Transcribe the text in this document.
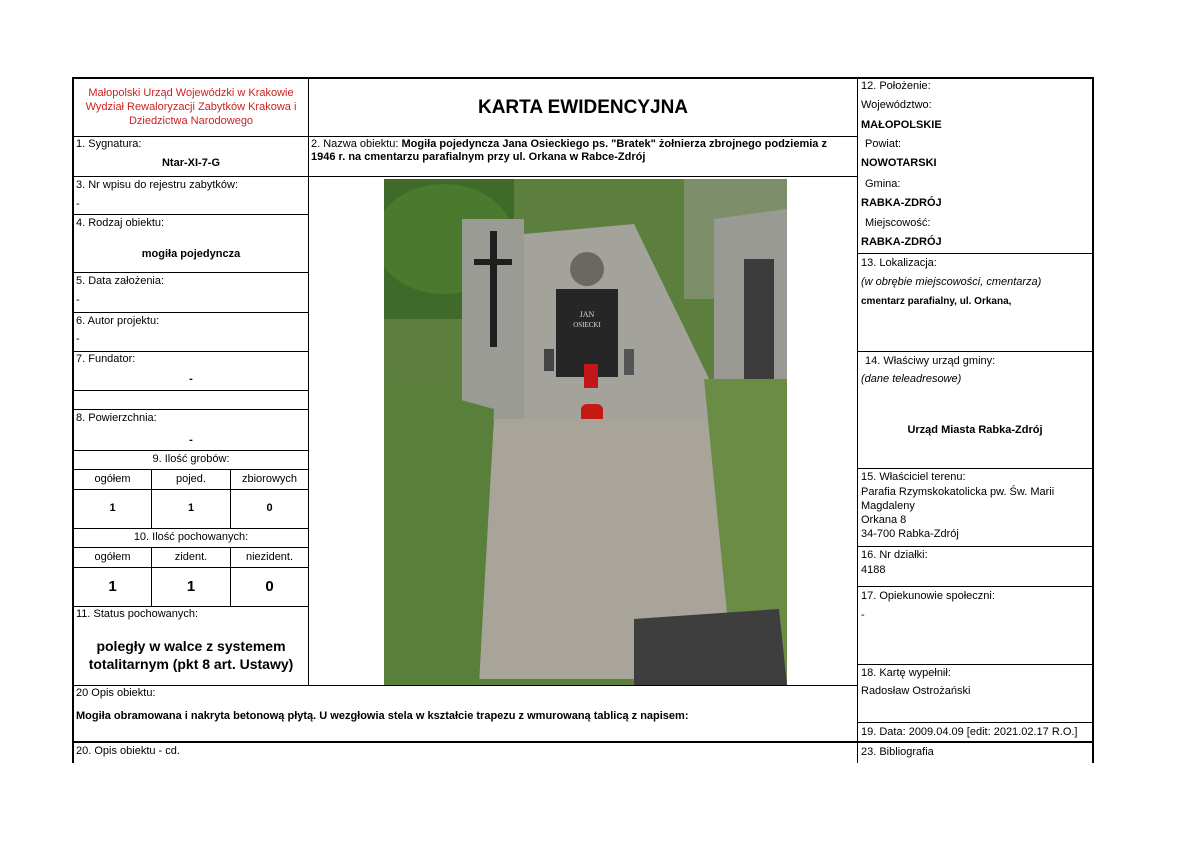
Małopolski Urząd Wojewódzki w Krakowie
Wydział Rewaloryzacji Zabytków Krakowa i
Dziedzictwa Narodowego
KARTA EWIDENCYJNA
1. Sygnatura:
Ntar-XI-7-G
3. Nr wpisu do rejestru zabytków:
-
4. Rodzaj obiektu:
mogiła pojedyncza
5. Data założenia:
-
6. Autor projektu:
-
7. Fundator:
-
8. Powierzchnia:
-
9. Ilość grobów:
ogółem	pojed.	zbiorowych
1	1	0
10. Ilość pochowanych:
ogółem	zident.	niezident.
1	1	0
11. Status pochowanych:
poległy w walce z systemem
totalitarnym (pkt 8 art. Ustawy)
2. Nazwa obiektu: Mogiła pojedyncza Jana Osieckiego ps. "Bratek" żołnierza zbrojnego podziemia z
1946 r. na cmentarzu parafialnym przy ul. Orkana w Rabce-Zdrój
JAN
OSIECKI
12. Położenie:
Województwo:
MAŁOPOLSKIE
Powiat:
NOWOTARSKI
Gmina:
RABKA-ZDRÓJ
Miejscowość:
RABKA-ZDRÓJ
13. Lokalizacja:
(w obrębie miejscowości, cmentarza)
cmentarz parafialny, ul. Orkana,
14. Właściwy urząd gminy:
(dane teleadresowe)
Urząd Miasta Rabka-Zdrój
15. Właściciel terenu:
Parafia Rzymskokatolicka pw. Św. Marii
Magdaleny
Orkana 8
34-700 Rabka-Zdrój
16. Nr działki:
4188
17. Opiekunowie społeczni:
-
18. Kartę wypełnił:
Radosław Ostrożański
19. Data: 2009.04.09 [edit: 2021.02.17 R.O.]
23. Bibliografia
20 Opis obiektu:
Mogiła obramowana i nakryta betonową płytą. U wezgłowia stela w kształcie trapezu z wmurowaną tablicą z napisem:
20. Opis obiektu - cd.
